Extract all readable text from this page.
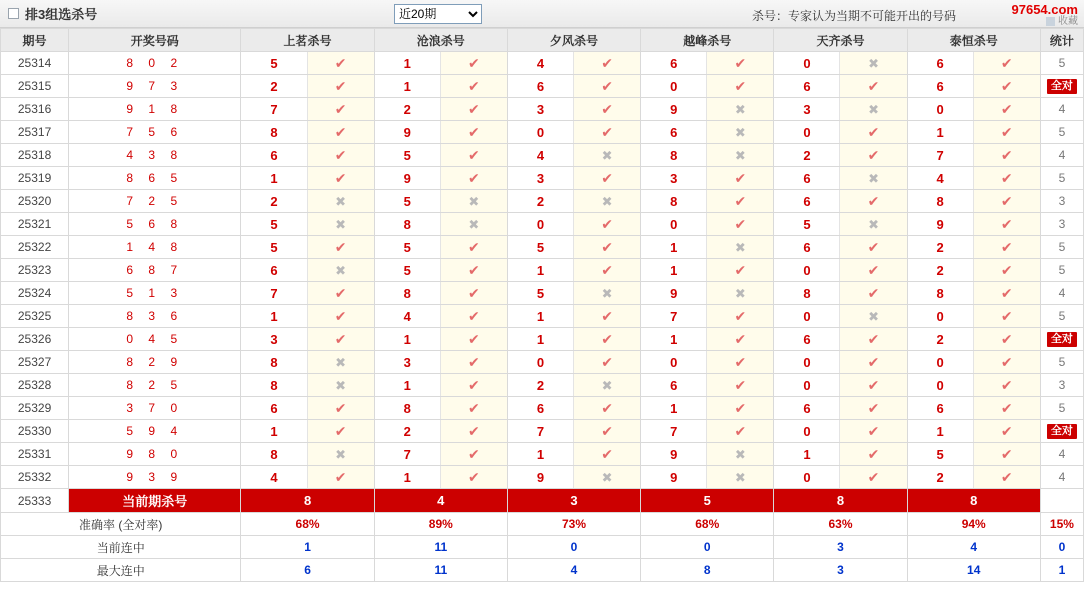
排3组选杀号
近20期	杀号：专家认为当期不可能开出的号码	97654.com
收藏
期号	开奖号码	上茗杀号	沧浪杀号	夕风杀号	越峰杀号	天齐杀号	泰恒杀号	统计
25314	8 0 2	5	✔	1	✔	4	✔	6	✔	0	✖	6	✔	5
25315	9 7 3	2	✔	1	✔	6	✔	0	✔	6	✔	6	✔	全对
25316	9 1 8	7	✔	2	✔	3	✔	9	✖	3	✖	0	✔	4
25317	7 5 6	8	✔	9	✔	0	✔	6	✖	0	✔	1	✔	5
25318	4 3 8	6	✔	5	✔	4	✖	8	✖	2	✔	7	✔	4
25319	8 6 5	1	✔	9	✔	3	✔	3	✔	6	✖	4	✔	5
25320	7 2 5	2	✖	5	✖	2	✖	8	✔	6	✔	8	✔	3
25321	5 6 8	5	✖	8	✖	0	✔	0	✔	5	✖	9	✔	3
25322	1 4 8	5	✔	5	✔	5	✔	1	✖	6	✔	2	✔	5
25323	6 8 7	6	✖	5	✔	1	✔	1	✔	0	✔	2	✔	5
25324	5 1 3	7	✔	8	✔	5	✖	9	✖	8	✔	8	✔	4
25325	8 3 6	1	✔	4	✔	1	✔	7	✔	0	✖	0	✔	5
25326	0 4 5	3	✔	1	✔	1	✔	1	✔	6	✔	2	✔	全对
25327	8 2 9	8	✖	3	✔	0	✔	0	✔	0	✔	0	✔	5
25328	8 2 5	8	✖	1	✔	2	✖	6	✔	0	✔	0	✔	3
25329	3 7 0	6	✔	8	✔	6	✔	1	✔	6	✔	6	✔	5
25330	5 9 4	1	✔	2	✔	7	✔	7	✔	0	✔	1	✔	全对
25331	9 8 0	8	✖	7	✔	1	✔	9	✖	1	✔	5	✔	4
25332	9 3 9	4	✔	1	✔	9	✖	9	✖	0	✔	2	✔	4
25333	当前期杀号	8	4	3	5	8	8	

准确率 (全对率)		68%	89%	73%	68%	63%	94%	15%
当前连中		1	11	0	0	3	4	0
最大连中		6	11	4	8	3	14	1
